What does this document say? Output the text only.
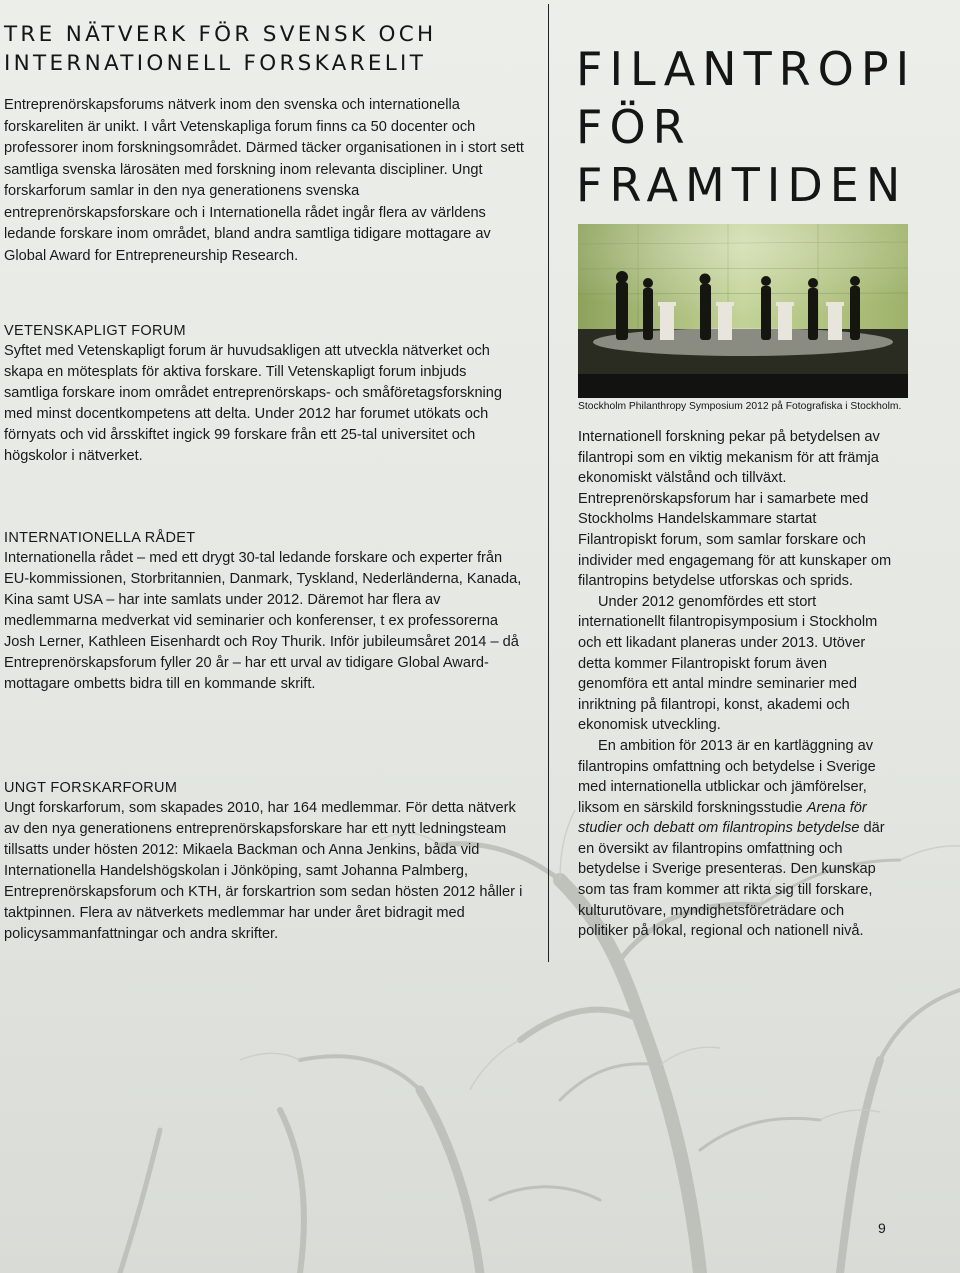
TRE NÄTVERK FÖR SVENSK OCH INTERNATIONELL FORSKARELIT	FILANTROPI
FÖR
FRAMTIDEN

Entreprenörskapsforums nätverk inom den svenska och internationella forskareliten är unikt. I vårt Vetenskapliga forum finns ca 50 docenter och professorer inom forskningsområdet. Därmed täcker organisationen in i stort sett samtliga svenska lärosäten med forskning inom relevanta discipliner. Ungt forskarforum samlar in den nya generationens svenska entreprenörskapsforskare och i Internationella rådet ingår flera av världens ledande forskare inom området, bland andra samtliga tidigare mottagare av Global Award for Entrepreneurship Research.

VETENSKAPLIGT FORUM

Syftet med Vetenskapligt forum är huvudsakligen att utveckla nätverket och skapa en mötesplats för aktiva forskare. Till Vetenskapligt forum inbjuds samtliga forskare inom området entreprenörskaps- och småföretagsforskning med minst docentkompetens att delta. Under 2012 har forumet utökats och förnyats och vid årsskiftet ingick 99 forskare från ett 25-tal universitet och högskolor i nätverket.

INTERNATIONELLA RÅDET

Internationella rådet – med ett drygt 30-tal ledande forskare och experter från EU-kommissionen, Storbritannien, Danmark, Tyskland, Nederländerna, Kanada, Kina samt USA – har inte samlats under 2012. Däremot har flera av medlemmarna medverkat vid seminarier och konferenser, t ex professorerna Josh Lerner, Kathleen Eisenhardt och Roy Thurik. Inför jubileumsåret 2014 – då Entreprenörskapsforum fyller 20 år – har ett urval av tidigare Global Award-mottagare ombetts bidra till en kommande skrift.

UNGT FORSKARFORUM

Ungt forskarforum, som skapades 2010, har 164 medlemmar. För detta nätverk av den nya generationens entreprenörskapsforskare har ett nytt ledningsteam tillsatts under hösten 2012: Mikaela Backman och Anna Jenkins, båda vid Internationella Handelshögskolan i Jönköping, samt Johanna Palmberg, Entreprenörskapsforum och KTH, är forskartrion som sedan hösten 2012 håller i taktpinnen. Flera av nätverkets medlemmar har under året bidragit med policysammanfattningar och andra skrifter.

Stockholm Philanthropy Symposium 2012 på Fotografiska i Stockholm.

Internationell forskning pekar på betydelsen av filantropi som en viktig mekanism för att främja ekonomiskt välstånd och tillväxt. Entreprenörskapsforum har i samarbete med Stockholms Handelskammare startat Filantropiskt forum, som samlar forskare och individer med engagemang för att kunskaper om filantropins betydelse utforskas och sprids.

Under 2012 genomfördes ett stort internationellt filantropisymposium i Stockholm och ett likadant planeras under 2013. Utöver detta kommer Filantropiskt forum även genomföra ett antal mindre seminarier med inriktning på filantropi, konst, akademi och ekonomisk utveckling.

En ambition för 2013 är en kartläggning av filantropins omfattning och betydelse i Sverige med internationella utblickar och jämförelser, liksom en särskild forskningsstudie Arena för studier och debatt om filantropins betydelse där en översikt av filantropins omfattning och betydelse i Sverige presenteras. Den kunskap som tas fram kommer att rikta sig till forskare, kulturutövare, myndighetsföreträdare och politiker på lokal, regional och nationell nivå.

9
